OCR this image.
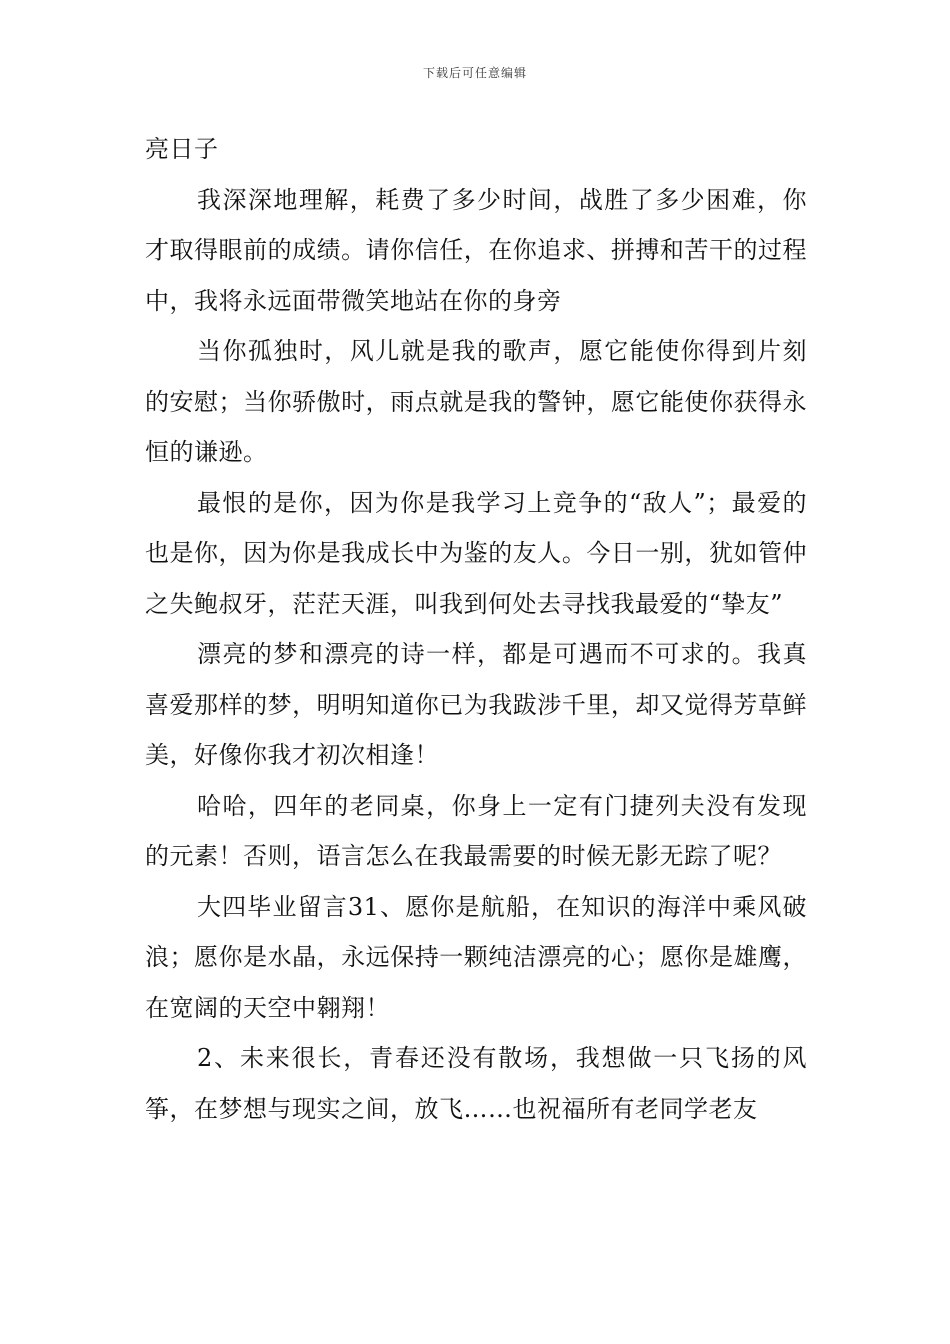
下载后可任意编辑

亮日子

我深深地理解，耗费了多少时间，战胜了多少困难，你才取得眼前的成绩。请你信任，在你追求、拼搏和苦干的过程中，我将永远面带微笑地站在你的身旁

当你孤独时，风儿就是我的歌声，愿它能使你得到片刻的安慰；当你骄傲时，雨点就是我的警钟，愿它能使你获得永恒的谦逊。

最恨的是你，因为你是我学习上竞争的“敌人”；最爱的也是你，因为你是我成长中为鉴的友人。今日一别，犹如管仲之失鲍叔牙，茫茫天涯，叫我到何处去寻找我最爱的“挚友”

漂亮的梦和漂亮的诗一样，都是可遇而不可求的。我真喜爱那样的梦，明明知道你已为我跋涉千里，却又觉得芳草鲜美，好像你我才初次相逢！

哈哈，四年的老同桌，你身上一定有门捷列夫没有发现的元素！否则，语言怎么在我最需要的时候无影无踪了呢？

大四毕业留言31、愿你是航船，在知识的海洋中乘风破浪；愿你是水晶，永远保持一颗纯洁漂亮的心；愿你是雄鹰，在宽阔的天空中翱翔！

2、未来很长，青春还没有散场，我想做一只飞扬的风筝，在梦想与现实之间，放飞……也祝福所有老同学老友
